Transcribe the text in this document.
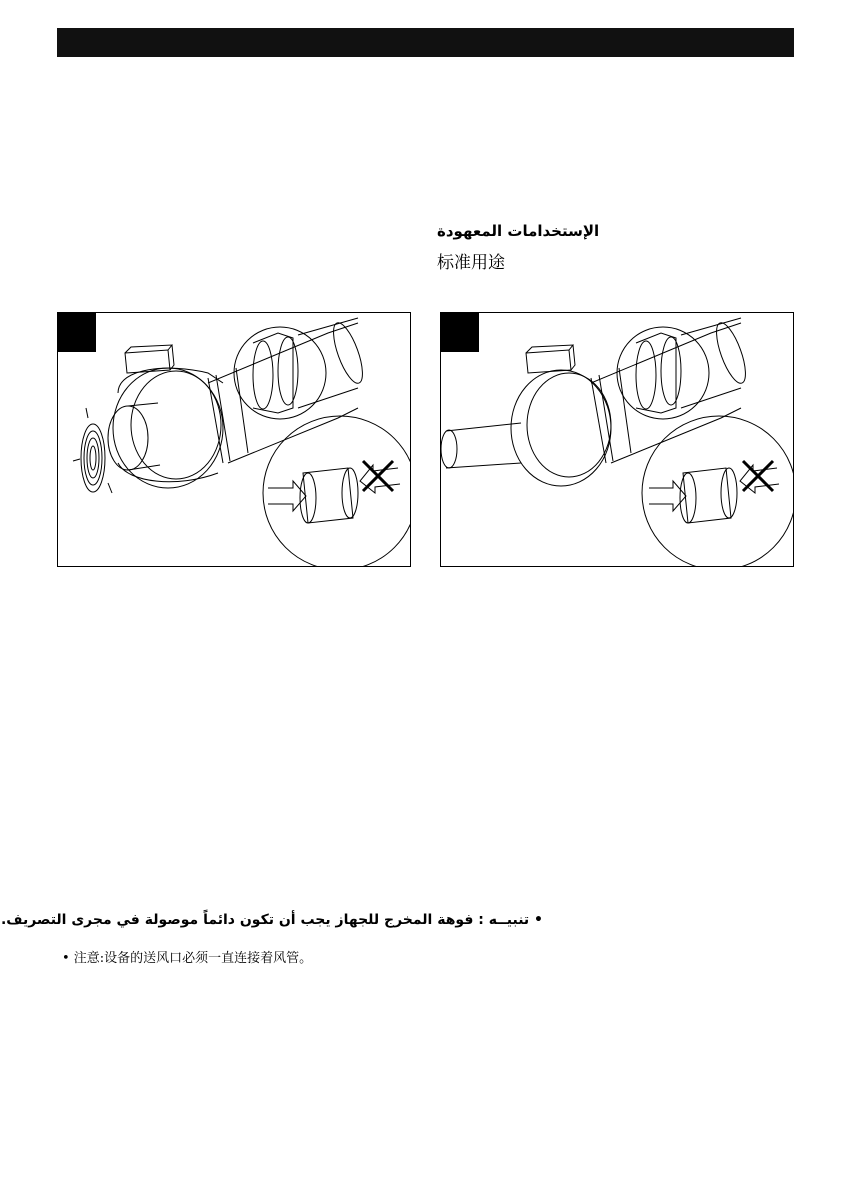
الإستخدامات المعهودة
标准用途
• تنبيــه : فوهة المخرج للجهاز يجب أن تكون دائماً موصولة في مجرى التصريف.
• 注意:设备的送风口必须一直连接着风管。
